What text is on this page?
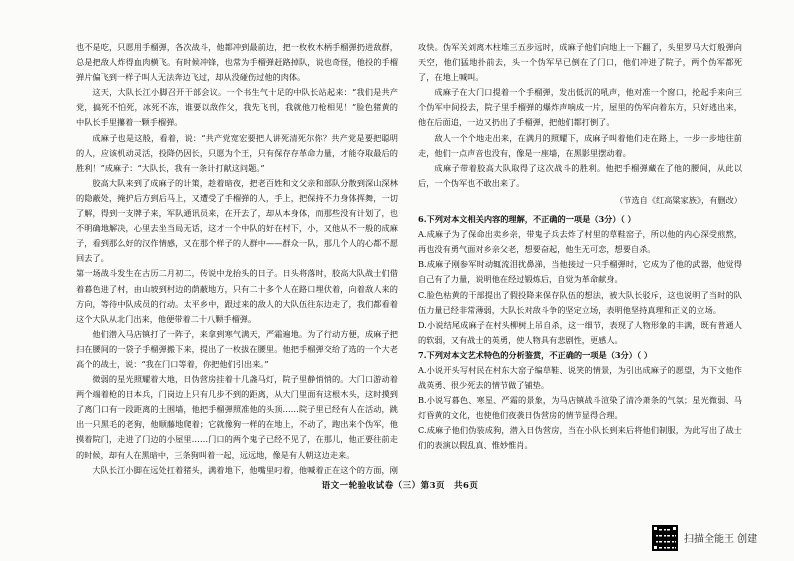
也不是吃，只愿用手榴弹，各次战斗，他都冲到最前边，把一枚枚木柄手榴弹扔进敌群，总是把敌人炸得血肉横飞。有时候冲锋，也常为手榴弹赶路掉队，说也奇怪，他投的手榴弹片偏飞到一样子叫人无法奔边飞过，却从没碰伤过他的肉体。

这天，大队长江小脚召开干部会议。一个书生气十足的中队长站起来：“我们是共产党，搞死不怕死，冰死不冻，谁要以敌作父，我先飞刊，我就他刀枪相见！”脸色猪黄的中队长手里攥着一颗手榴弹。

成麻子也是这般，看着，说：“共产党宽宏要把人讲死清死尔你？共产党是要把聪明的人，应该机动灵活，投降仍因长，只愿为个王，只有保存存革命力量，才能夺取最后的胜利！”成麻子：“大队长，我有一条计打献这问题。”

胶高大队来到了成麻子的计策，趁着暗夜，把老百姓和文父亲和部队分散到深山深林的隐蔽处，掩护后方到后马上，又遭受了手榴弹的人，手上，把保持不力身体挥舞，一切了解，得到一支牌子来，军队通讯员来，在开去了，却从本身体，而那些没有计划了，也不明确地解决，心里去坐当局无话，这才一个中队的好在村下，小，又他从不一般的成麻子，看到那么好的汉作情感，又在那个样子的人群中——群众一队，那几个人的心都不愿回去了。

第一场战斗发生在古历二月初二，传说中龙抬头的日子。日头将落时，胶高大队战士们借着暮色进了村，由山坡到村边的荫蔽地方，只有二十多个人在路口埋伏着，向着敌人来的方向，等待中队成员的行动。太平乡中，跟过来的敌人的大队伍往东边走了，我们都看着这个大队从北门出来，他便带着二十八颗手榴弹。

他们潜入马店镇打了一阵子，来拿到寒气满天，严霜遍地。为了行动方便，成麻子把扫在腰间的一袋子手榴弹搬下来，提出了一枚拔在腰里。他把手榴弹交给了选的一个大老高个的战士，说：“我在门口等着，你把他们引出来。”

微弱的星光照耀着大地，日伪营房挂着十几盏马灯，院子里静悄悄的。大门口游动着两个端着枪的日本兵，门岗边上只有几步不到的距离，从大门里面有这根木头，这时摸到了离门口有一段距离的土围墙，他把手榴弹照准他的头顶……院子里已经有人在活动，跳出一只黑毛的老狗，他顺藤地爬着；它就像狗一样的在地上，不动了，跑出来个伪军，他摸着院门，走进了门边的小屋里……门口的两个鬼子已经不见了，在那儿，他正要往前走的时候，却有人在黑暗中，三条狗叫着一起，远远地，像是有人朝这边走来。

大队长江小脚在远处扛着猪头，满着地下，他嘴里叼着，他喊着正在这个的方面，刚

攻快。伪军关刘离木柱堆三五步远时，成麻子他们向地上一下翻了，头里罗马大灯般弹向天空，他们猛地扑前去，头一个伪军早已倒在了门口，他们冲进了院子，两个伪军都死了，在地上喊叫。

成麻子在大门口提着一个手榴弹，发出低沉的吼声，他对准一个窗口，抡起手来向三个伪军中间投去，院子里手榴弹的爆炸声响成一片，屋里的伪军向着东方，只好逃出来，他在后面追，一边又扔出了手榴弹，把他们都打倒了。

敌人一个个地走出来，在满月的照耀下，成麻子叫着他们走在路上，一步一步地往前走，他们一点声音也没有，像是一座墙，在黑影里摆动着。

成麻子带着胶高大队取得了这次战斗的胜利。他把手榴弹藏在了他的腰间，从此以后，一个伪军也不敢出来了。

（节选自《红高粱家族》，有删改）

6.下列对本文相关内容的理解，不正确的一项是（3分）（ ）

A.成麻子为了保命出卖乡亲，带鬼子兵去炸了村里的草鞋窑子，所以他的内心深受煎熬，再也没有勇气面对乡亲父老，想要奋起，他生无可恋，想要自杀。

B.成麻子刚参军时动辄流泪扰鼻涕，当他接过一只手榴弹时，它成为了他的武器，他觉得自己有了力量，说明他在经过锻炼后，自觉为革命献身。

C.脸色枯黄的干部提出了假投降来保存队伍的想法，被大队长驳斥，这也说明了当时的队伍力量已经非常薄弱，大队长对敌斗争的坚定立场，表明他坚持真理和正义的立场。

D.小说结尾成麻子在村头柳树上吊自杀，这一细节，表现了人物形象的丰满，既有普通人的软弱，又有战士的英勇，使人物具有悲剧性，更感人。

7.下列对本文艺术特色的分析鉴赏，不正确的一项是（3分）（ ）

A.小说开头写村民在村东大窑子编草鞋、说笑的情景，为引出成麻子的愿望，为下文他作战英勇、很少死去的情节做了铺垫。

B.小说写暮色、寒星、严霜的景象，为马店镇战斗渲染了清冷萧条的气氛；星光微弱、马灯昏黄的文化，也使他们夜袭日伪营房的情节显得合理。

C.成麻子他们伪装成狗，潜入日伪营房，当在小队长到来后将他们制服，为此写出了战士们的表演以假乱真、惟妙惟肖。

语文一轮验收试卷（三）第3页　共6页
扫描全能王 创建
